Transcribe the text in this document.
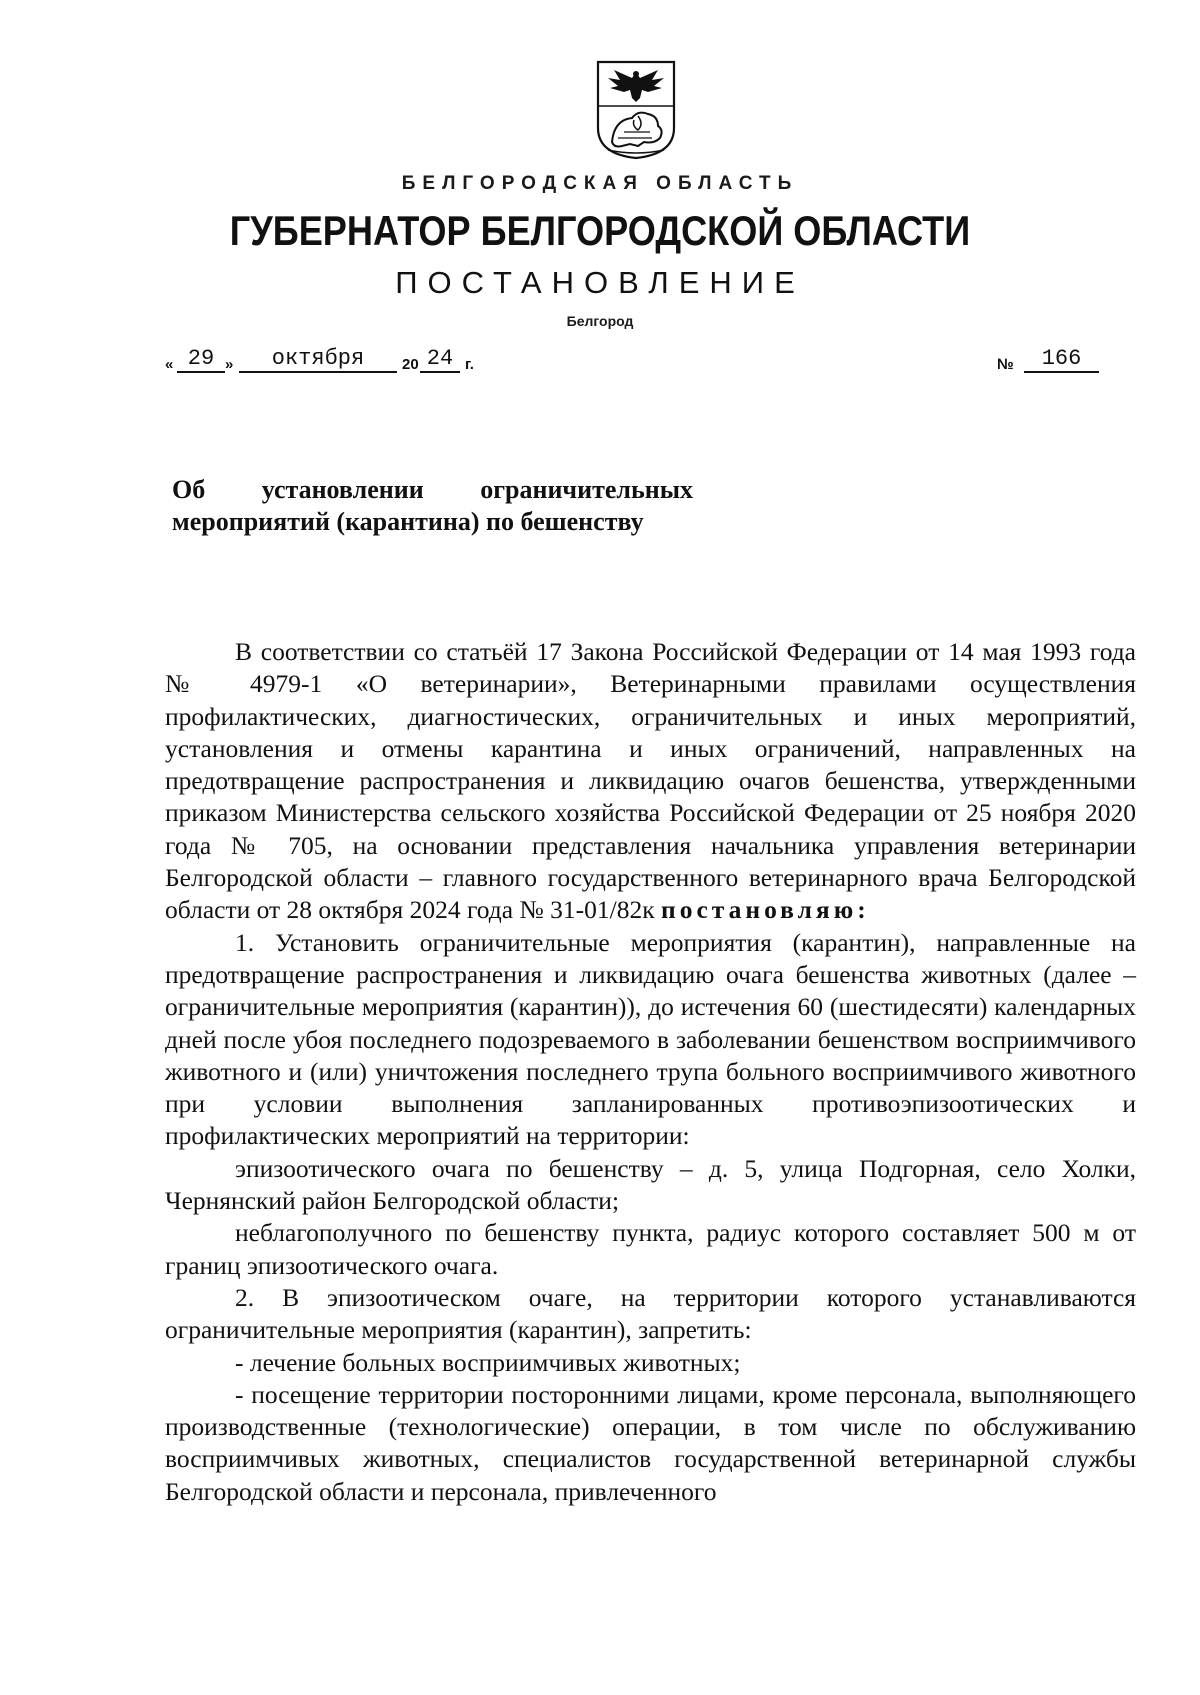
БЕЛГОРОДСКАЯ ОБЛАСТЬ
ГУБЕРНАТОР БЕЛГОРОДСКОЙ ОБЛАСТИ
ПОСТАНОВЛЕНИЕ
Белгород
« 29 »	октября	20 24 г.	№	166
Об установлении ограничительных
мероприятий (карантина) по бешенству

В соответствии со статьёй 17 Закона Российской Федерации от 14 мая 1993 года № 4979-1 «О ветеринарии», Ветеринарными правилами осуществления профилактических, диагностических, ограничительных и иных мероприятий, установления и отмены карантина и иных ограничений, направленных на предотвращение распространения и ликвидацию очагов бешенства, утвержденными приказом Министерства сельского хозяйства Российской Федерации от 25 ноября 2020 года № 705, на основании представления начальника управления ветеринарии Белгородской области – главного государственного ветеринарного врача Белгородской области от 28 октября 2024 года № 31-01/82к постановляю:

1. Установить ограничительные мероприятия (карантин), направленные на предотвращение распространения и ликвидацию очага бешенства животных (далее – ограничительные мероприятия (карантин)), до истечения 60 (шестидесяти) календарных дней после убоя последнего подозреваемого в заболевании бешенством восприимчивого животного и (или) уничтожения последнего трупа больного восприимчивого животного при условии выполнения запланированных противоэпизоотических и профилактических мероприятий на территории:

эпизоотического очага по бешенству – д. 5, улица Подгорная, село Холки, Чернянский район Белгородской области;

неблагополучного по бешенству пункта, радиус которого составляет 500 м от границ эпизоотического очага.

2. В эпизоотическом очаге, на территории которого устанавливаются ограничительные мероприятия (карантин), запретить:

- лечение больных восприимчивых животных;

- посещение территории посторонними лицами, кроме персонала, выполняющего производственные (технологические) операции, в том числе по обслуживанию восприимчивых животных, специалистов государственной ветеринарной службы Белгородской области и персонала, привлеченного
